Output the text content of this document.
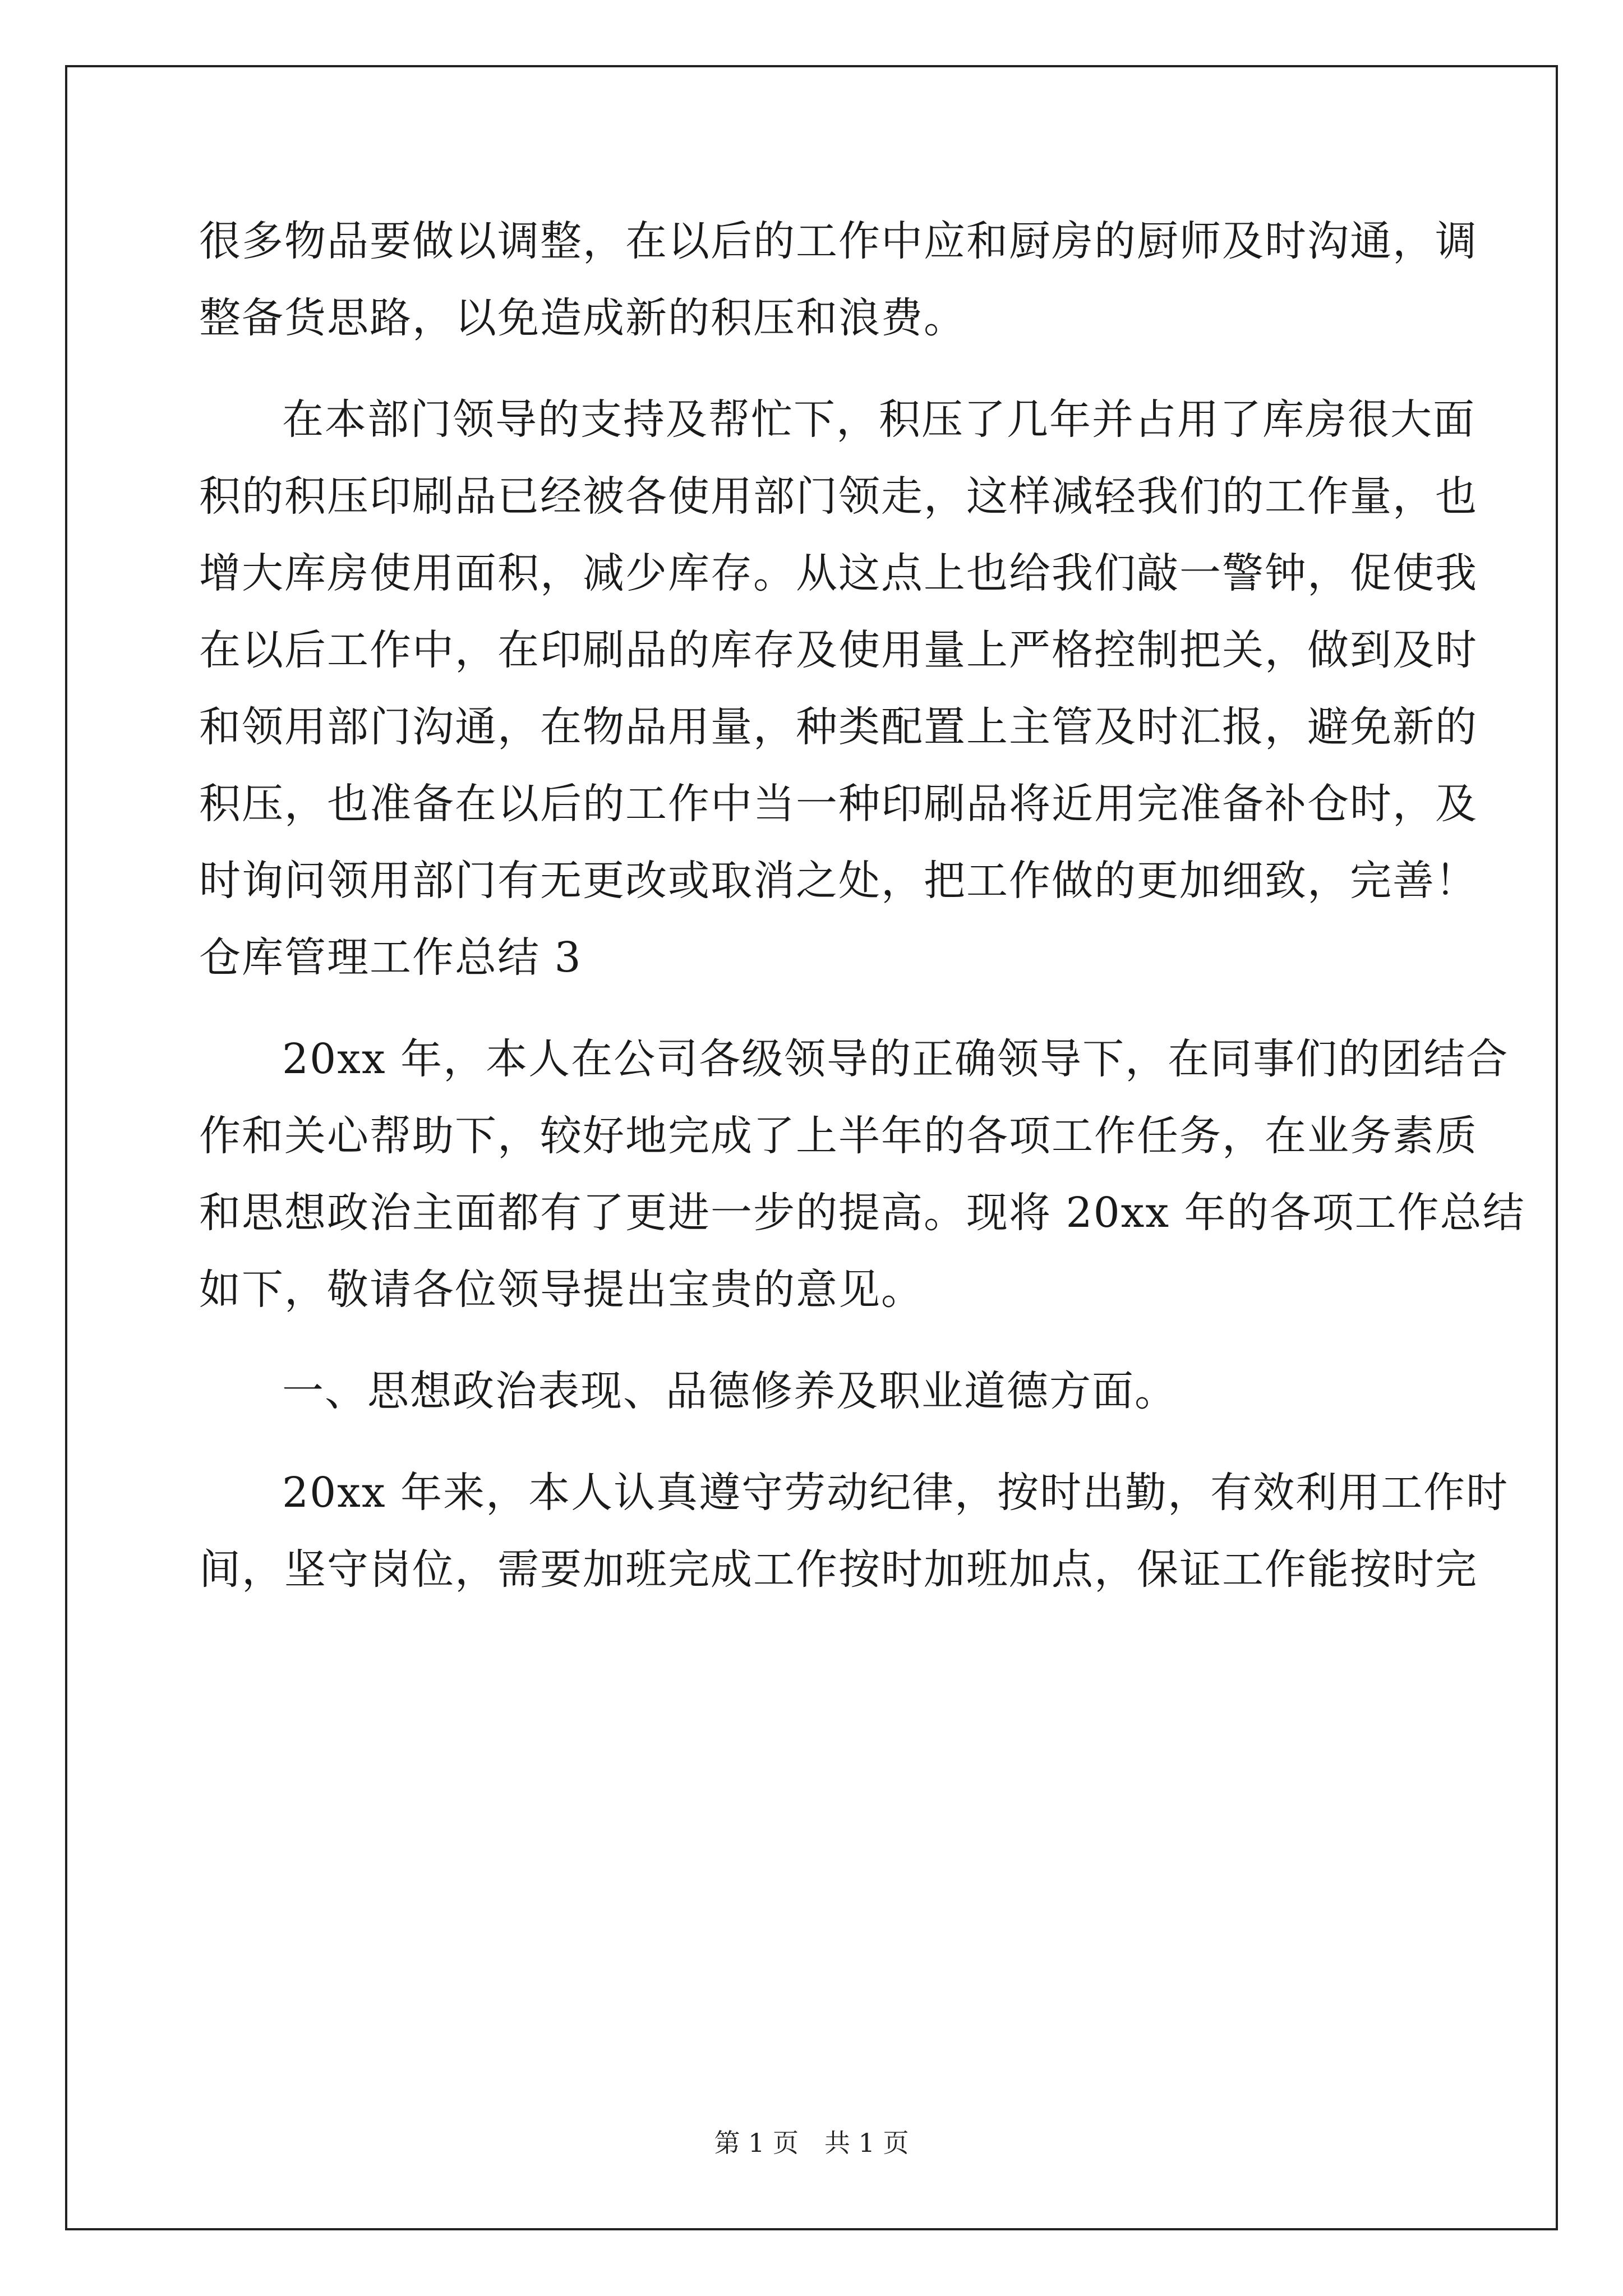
很多物品要做以调整，在以后的工作中应和厨房的厨师及时沟通，调
整备货思路，以免造成新的积压和浪费。
在本部门领导的支持及帮忙下，积压了几年并占用了库房很大面
积的积压印刷品已经被各使用部门领走，这样减轻我们的工作量，也
增大库房使用面积，减少库存。从这点上也给我们敲一警钟，促使我
在以后工作中，在印刷品的库存及使用量上严格控制把关，做到及时
和领用部门沟通，在物品用量，种类配置上主管及时汇报，避免新的
积压，也准备在以后的工作中当一种印刷品将近用完准备补仓时，及
时询问领用部门有无更改或取消之处，把工作做的更加细致，完善！
仓库管理工作总结 3
20xx 年，本人在公司各级领导的正确领导下，在同事们的团结合
作和关心帮助下，较好地完成了上半年的各项工作任务，在业务素质
和思想政治主面都有了更进一步的提高。现将 20xx 年的各项工作总结
如下，敬请各位领导提出宝贵的意见。
一、思想政治表现、品德修养及职业道德方面。
20xx 年来，本人认真遵守劳动纪律，按时出勤，有效利用工作时
间，坚守岗位，需要加班完成工作按时加班加点，保证工作能按时完
第 1 页　共 1 页
